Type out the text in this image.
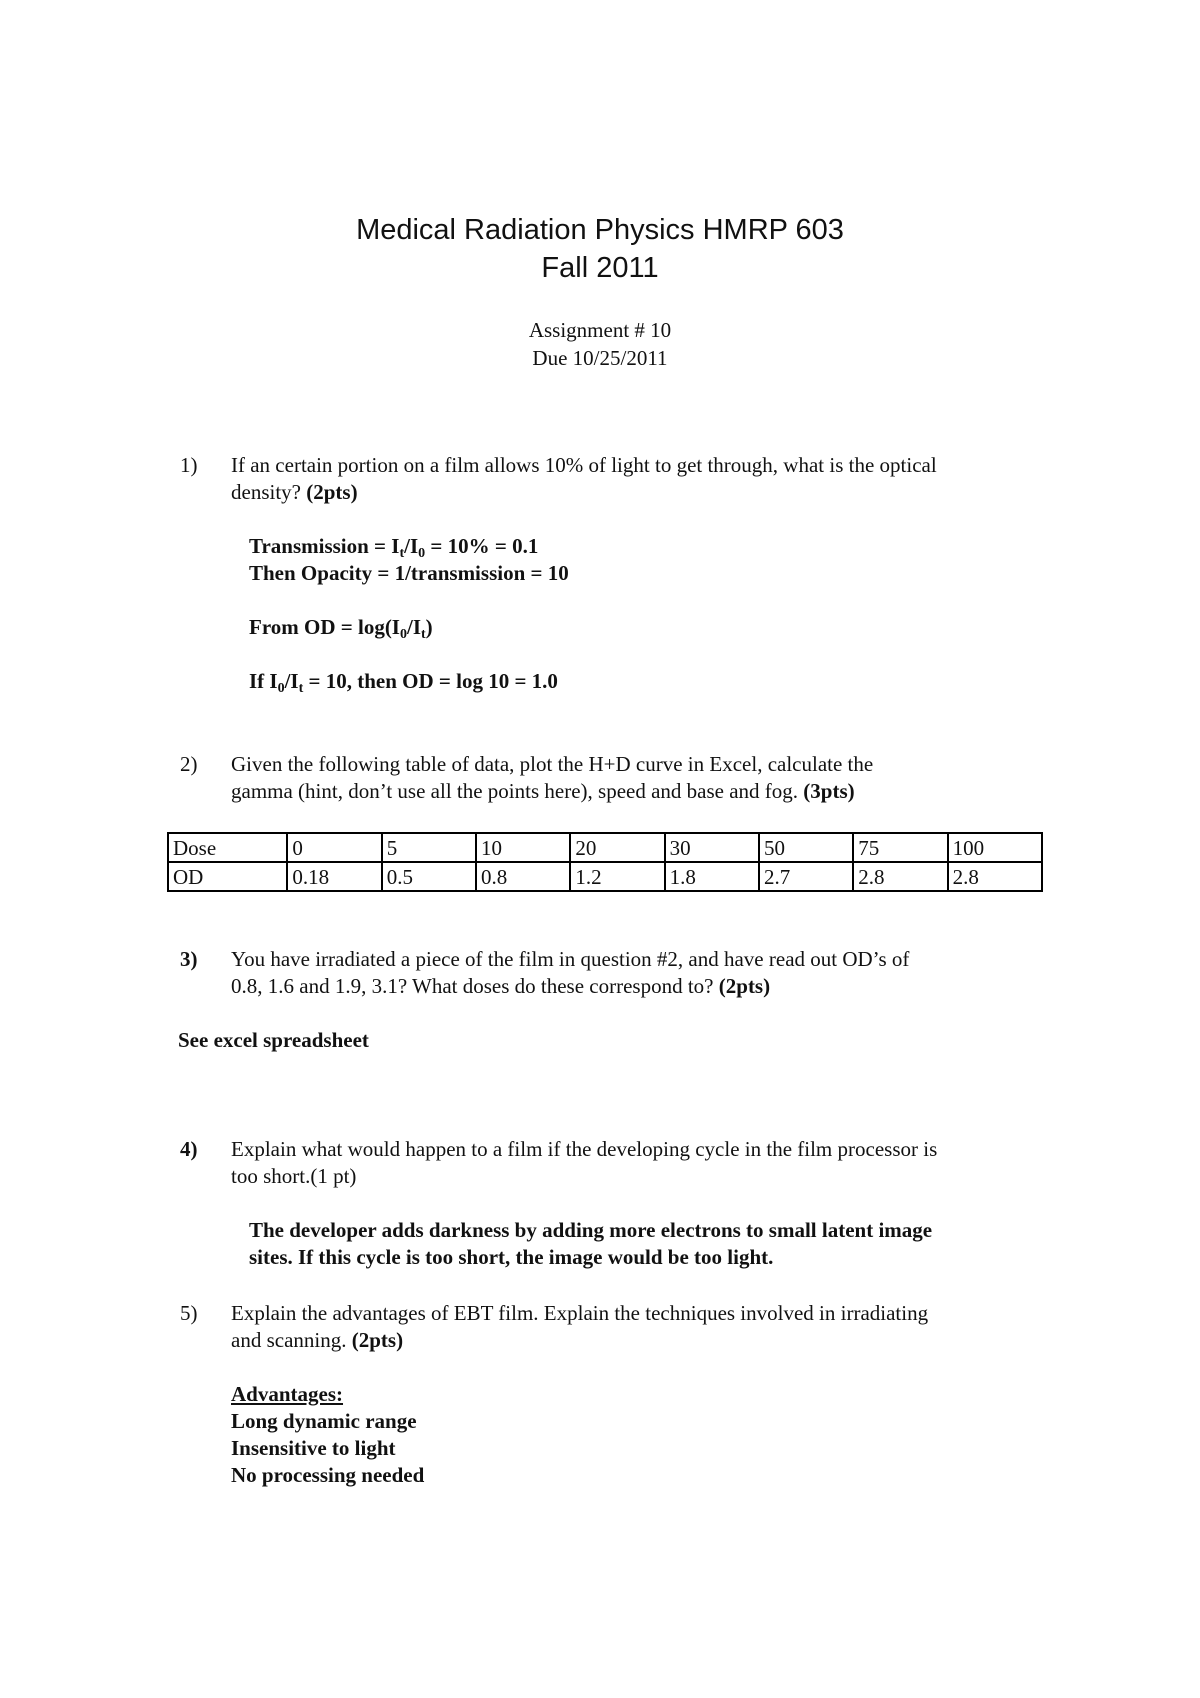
Medical Radiation Physics HMRP 603
Fall 2011
Assignment # 10
Due 10/25/2011
1) If an certain portion on a film allows 10% of light to get through, what is the optical
density? (2pts)
Transmission = $I_t/I_0 = 10\% = 0.1$
Then Opacity = 1/transmission = 10
From OD = $\log(I_0/I_t)$
If $I_0/I_t = 10$, then OD = log 10 = 1.0
2) Given the following table of data, plot the H+D curve in Excel, calculate the
gamma (hint, don’t use all the points here), speed and base and fog. (3pts)
Dose	0	5	10	20	30	50	75	100
OD	0.18	0.5	0.8	1.2	1.8	2.7	2.8	2.8
3) You have irradiated a piece of the film in question #2, and have read out OD’s of
0.8, 1.6 and 1.9, 3.1? What doses do these correspond to? (2pts)
See excel spreadsheet
4) Explain what would happen to a film if the developing cycle in the film processor is
too short.(1 pt)
The developer adds darkness by adding more electrons to small latent image
sites. If this cycle is too short, the image would be too light.
5) Explain the advantages of EBT film. Explain the techniques involved in irradiating
and scanning. (2pts)
Advantages:
Long dynamic range
Insensitive to light
No processing needed
